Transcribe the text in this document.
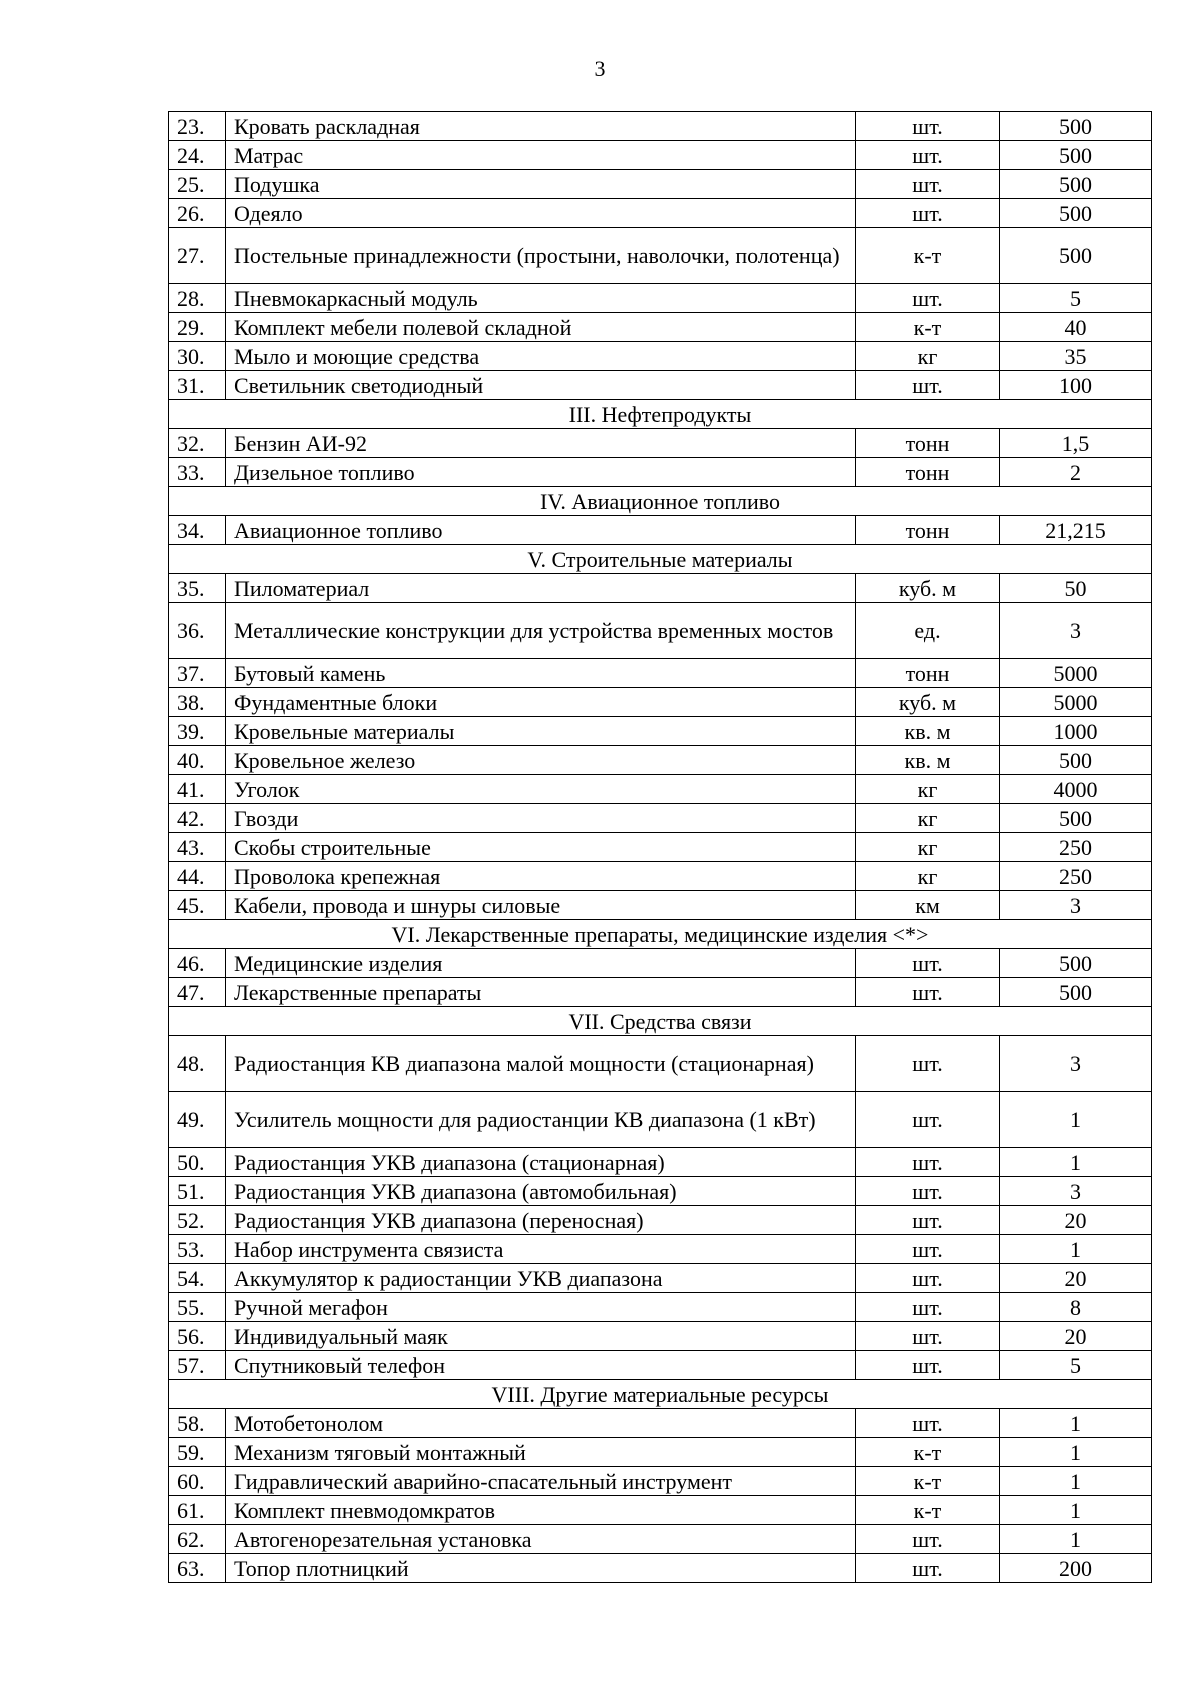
3
23.	Кровать раскладная	шт.	500
24.	Матрас	шт.	500
25.	Подушка	шт.	500
26.	Одеяло	шт.	500
27.	Постельные принадлежности (простыни, наволочки, полотенца)	к-т	500
28.	Пневмокаркасный модуль	шт.	5
29.	Комплект мебели полевой складной	к-т	40
30.	Мыло и моющие средства	кг	35
31.	Светильник светодиодный	шт.	100
III. Нефтепродукты			
32.	Бензин АИ-92	тонн	1,5
33.	Дизельное топливо	тонн	2
IV. Авиационное топливо			
34.	Авиационное топливо	тонн	21,215
V. Строительные материалы			
35.	Пиломатериал	куб. м	50
36.	Металлические конструкции для устройства временных мостов	ед.	3
37.	Бутовый камень	тонн	5000
38.	Фундаментные блоки	куб. м	5000
39.	Кровельные материалы	кв. м	1000
40.	Кровельное железо	кв. м	500
41.	Уголок	кг	4000
42.	Гвозди	кг	500
43.	Скобы строительные	кг	250
44.	Проволока крепежная	кг	250
45.	Кабели, провода и шнуры силовые	км	3
VI. Лекарственные препараты, медицинские изделия <*>			
46.	Медицинские изделия	шт.	500
47.	Лекарственные препараты	шт.	500
VII. Средства связи			
48.	Радиостанция КВ диапазона малой мощности (стационарная)	шт.	3
49.	Усилитель мощности для радиостанции КВ диапазона (1 кВт)	шт.	1
50.	Радиостанция УКВ диапазона (стационарная)	шт.	1
51.	Радиостанция УКВ диапазона (автомобильная)	шт.	3
52.	Радиостанция УКВ диапазона (переносная)	шт.	20
53.	Набор инструмента связиста	шт.	1
54.	Аккумулятор к радиостанции УКВ диапазона	шт.	20
55.	Ручной мегафон	шт.	8
56.	Индивидуальный маяк	шт.	20
57.	Спутниковый телефон	шт.	5
VIII. Другие материальные ресурсы			
58.	Мотобетонолом	шт.	1
59.	Механизм тяговый монтажный	к-т	1
60.	Гидравлический аварийно-спасательный инструмент	к-т	1
61.	Комплект пневмодомкратов	к-т	1
62.	Автогенорезательная установка	шт.	1
63.	Топор плотницкий	шт.	200
